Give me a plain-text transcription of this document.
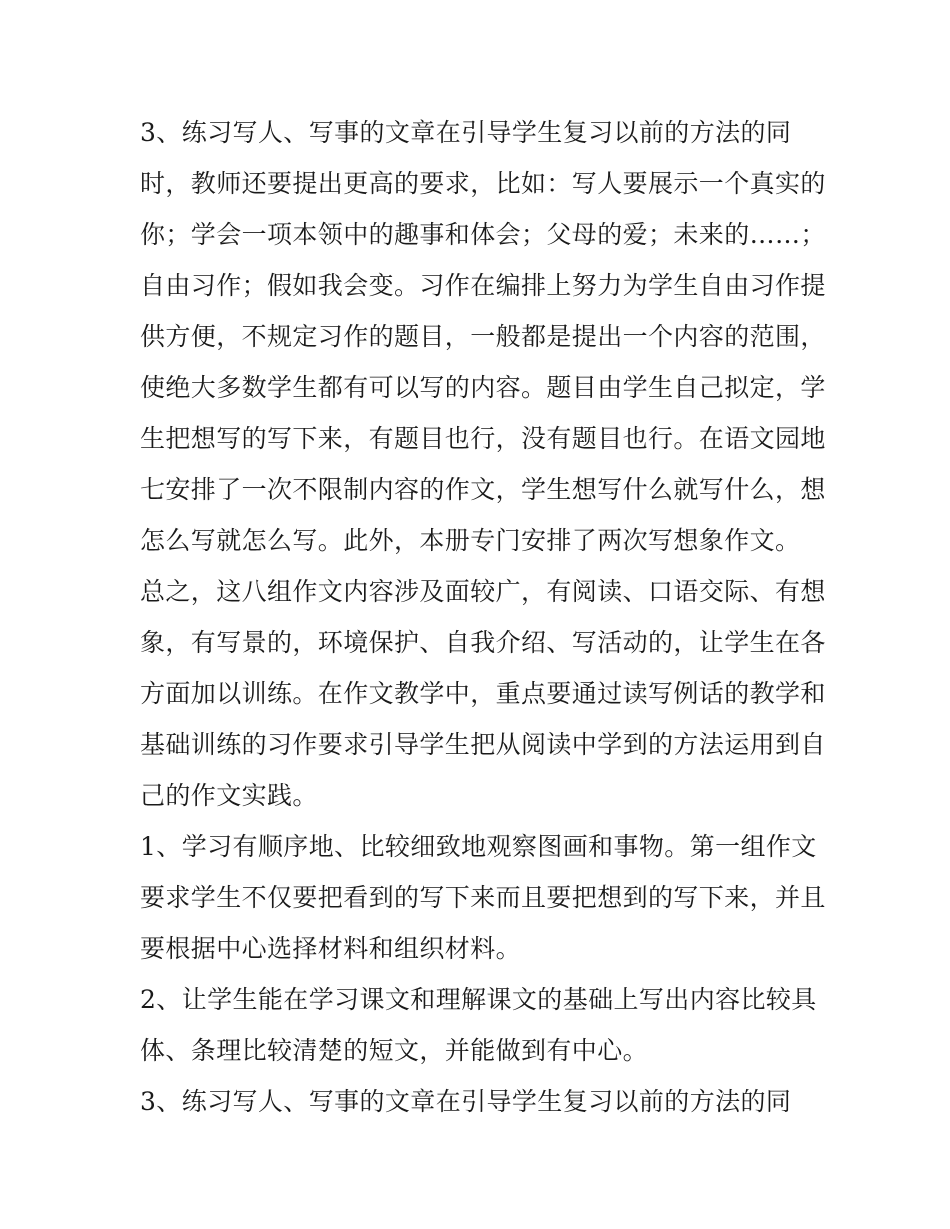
3、练习写人、写事的文章在引导学生复习以前的方法的同
时，教师还要提出更高的要求，比如：写人要展示一个真实的
你；学会一项本领中的趣事和体会；父母的爱；未来的……；
自由习作；假如我会变。习作在编排上努力为学生自由习作提
供方便，不规定习作的题目，一般都是提出一个内容的范围，
使绝大多数学生都有可以写的内容。题目由学生自己拟定，学
生把想写的写下来，有题目也行，没有题目也行。在语文园地
七安排了一次不限制内容的作文，学生想写什么就写什么，想
怎么写就怎么写。此外，本册专门安排了两次写想象作文。
总之，这八组作文内容涉及面较广，有阅读、口语交际、有想
象，有写景的，环境保护、自我介绍、写活动的，让学生在各
方面加以训练。在作文教学中，重点要通过读写例话的教学和
基础训练的习作要求引导学生把从阅读中学到的方法运用到自
己的作文实践。
1、学习有顺序地、比较细致地观察图画和事物。第一组作文
要求学生不仅要把看到的写下来而且要把想到的写下来，并且
要根据中心选择材料和组织材料。
2、让学生能在学习课文和理解课文的基础上写出内容比较具
体、条理比较清楚的短文，并能做到有中心。
3、练习写人、写事的文章在引导学生复习以前的方法的同
